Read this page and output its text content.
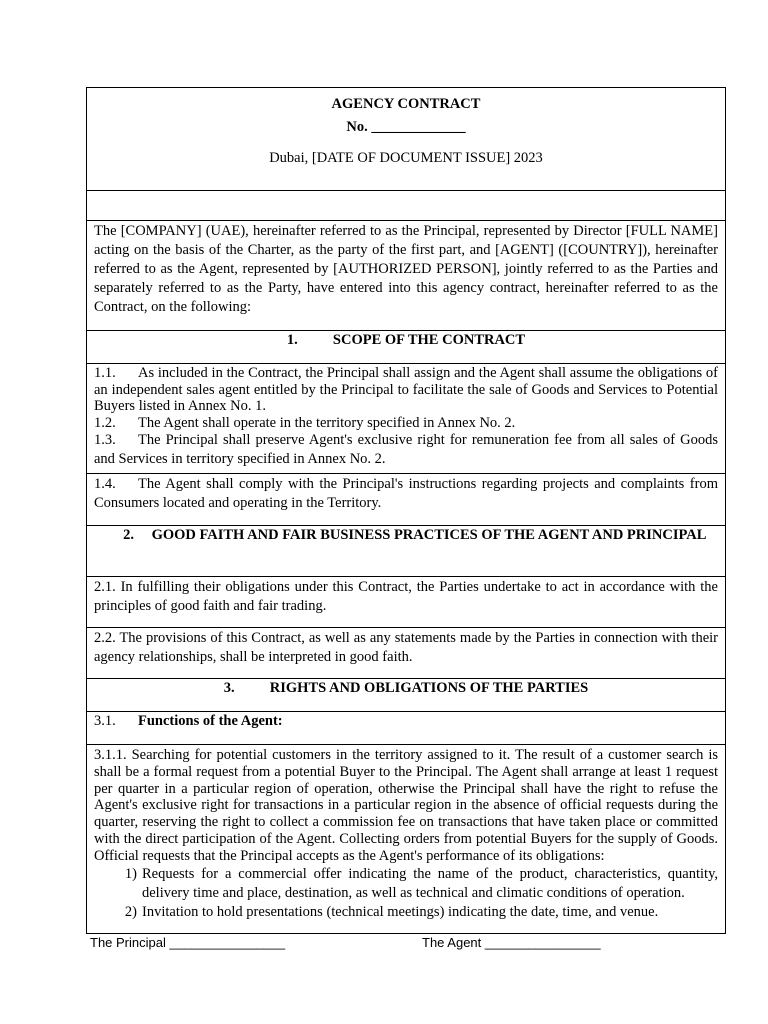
AGENCY CONTRACT
No. _____________
Dubai, [DATE OF DOCUMENT ISSUE] 2023

The [COMPANY] (UAE), hereinafter referred to as the Principal, represented by Director [FULL NAME] acting on the basis of the Charter, as the party of the first part, and [AGENT] ([COUNTRY]), hereinafter referred to as the Agent, represented by [AUTHORIZED PERSON], jointly referred to as the Parties and separately referred to as the Party, have entered into this agency contract, hereinafter referred to as the Contract, on the following:

1. SCOPE OF THE CONTRACT

1.1. As included in the Contract, the Principal shall assign and the Agent shall assume the obligations of an independent sales agent entitled by the Principal to facilitate the sale of Goods and Services to Potential Buyers listed in Annex No. 1.

1.2. The Agent shall operate in the territory specified in Annex No. 2.

1.3. The Principal shall preserve Agent's exclusive right for remuneration fee from all sales of Goods and Services in territory specified in Annex No. 2.

1.4. The Agent shall comply with the Principal's instructions regarding projects and complaints from Consumers located and operating in the Territory.

2. GOOD FAITH AND FAIR BUSINESS PRACTICES OF THE AGENT AND PRINCIPAL

2.1. In fulfilling their obligations under this Contract, the Parties undertake to act in accordance with the principles of good faith and fair trading.

2.2. The provisions of this Contract, as well as any statements made by the Parties in connection with their agency relationships, shall be interpreted in good faith.

3. RIGHTS AND OBLIGATIONS OF THE PARTIES
3.1. Functions of the Agent:

3.1.1. Searching for potential customers in the territory assigned to it. The result of a customer search is shall be a formal request from a potential Buyer to the Principal. The Agent shall arrange at least 1 request per quarter in a particular region of operation, otherwise the Principal shall have the right to refuse the Agent's exclusive right for transactions in a particular region in the absence of official requests during the quarter, reserving the right to collect a commission fee on transactions that have taken place or committed with the direct participation of the Agent. Collecting orders from potential Buyers for the supply of Goods. Official requests that the Principal accepts as the Agent's performance of its obligations:

1) Requests for a commercial offer indicating the name of the product, characteristics, quantity, delivery time and place, destination, as well as technical and climatic conditions of operation.
2) Invitation to hold presentations (technical meetings) indicating the date, time, and venue.
The Principal ________________	The Agent ________________
